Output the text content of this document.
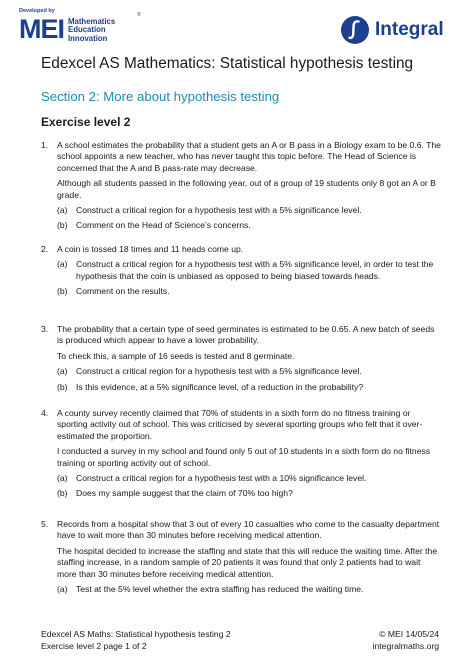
Developed by
MEI Mathematics
Education
Innovation
®
Integral
Edexcel AS Mathematics: Statistical hypothesis testing
Section 2: More about hypothesis testing
Exercise level 2
1. A school estimates the probability that a student gets an A or B pass in a Biology exam to be 0.6. The school appoints a new teacher, who has never taught this topic before. The Head of Science is concerned that the A and B pass-rate may decrease.
Although all students passed in the following year, out of a group of 19 students only 8 got an A or B grade.
(a) Construct a critical region for a hypothesis test with a 5% significance level.
(b) Comment on the Head of Science’s concerns.
2. A coin is tossed 18 times and 11 heads come up.
(a) Construct a critical region for a hypothesis test with a 5% significance level, in order to test the hypothesis that the coin is unbiased as opposed to being biased towards heads.
(b) Comment on the results.
3. The probability that a certain type of seed germinates is estimated to be 0.65. A new batch of seeds is produced which appear to have a lower probability.
To check this, a sample of 16 seeds is tested and 8 germinate.
(a) Construct a critical region for a hypothesis test with a 5% significance level.
(b) Is this evidence, at a 5% significance level, of a reduction in the probability?
4. A county survey recently claimed that 70% of students in a sixth form do no fitness training or sporting activity out of school. This was criticised by several sporting groups who felt that it over-estimated the proportion.
I conducted a survey in my school and found only 5 out of 10 students in a sixth form do no fitness training or sporting activity out of school.
(a) Construct a critical region for a hypothesis test with a 10% significance level.
(b) Does my sample suggest that the claim of 70% too high?
5. Records from a hospital show that 3 out of every 10 casualties who come to the casualty department have to wait more than 30 minutes before receiving medical attention.
The hospital decided to increase the staffing and state that this will reduce the waiting time. After the staffing increase, in a random sample of 20 patients it was found that only 2 patients had to wait more than 30 minutes before receiving medical attention.
(a) Test at the 5% level whether the extra staffing has reduced the waiting time.
Edexcel AS Maths: Statistical hypothesis testing 2
Exercise level 2 page 1 of 2
© MEI 14/05/24
integralmaths.org
